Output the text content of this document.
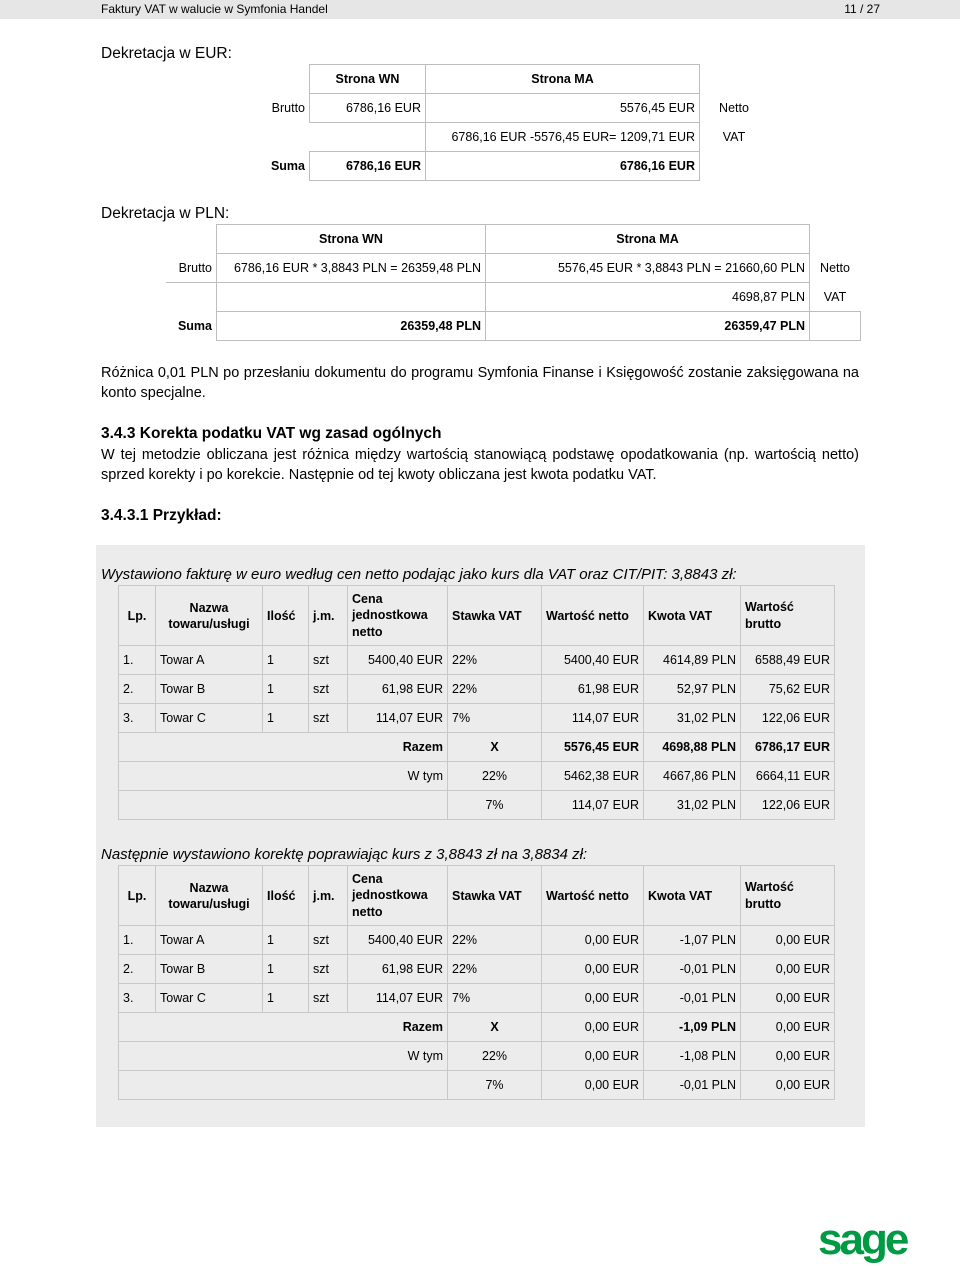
Faktury VAT w walucie w Symfonia Handel	11 / 27
Dekretacja w EUR:
	Strona WN	Strona MA	
Brutto	6786,16 EUR	5576,45 EUR	Netto
		6786,16 EUR -5576,45 EUR= 1209,71 EUR	VAT
Suma	6786,16 EUR	6786,16 EUR	
Dekretacja w PLN:
	Strona WN	Strona MA	
Brutto	6786,16 EUR * 3,8843 PLN = 26359,48 PLN	5576,45 EUR * 3,8843 PLN = 21660,60 PLN	Netto
		4698,87 PLN	VAT
Suma	26359,48 PLN	26359,47 PLN	

Różnica 0,01 PLN po przesłaniu dokumentu do programu Symfonia Finanse i Księgowość zostanie zaksięgowana na konto specjalne.

3.4.3 Korekta podatku VAT wg zasad ogólnych

W tej metodzie obliczana jest różnica między wartością stanowiącą podstawę opodatkowania (np. wartością netto) sprzed korekty i po korekcie. Następnie od tej kwoty obliczana jest kwota podatku VAT.

3.4.3.1 Przykład:
Wystawiono fakturę w euro według cen netto podając jako kurs dla VAT oraz CIT/PIT: 3,8843 zł:
Lp.	Nazwa
towaru/usługi	Ilość	j.m.	Cena
jednostkowa
netto	Stawka VAT	Wartość netto	Kwota VAT	Wartość
brutto
1.	Towar A	1	szt	5400,40 EUR	22%	5400,40 EUR	4614,89 PLN	6588,49 EUR
2.	Towar B	1	szt	61,98 EUR	22%	61,98 EUR	52,97 PLN	75,62 EUR
3.	Towar C	1	szt	114,07 EUR	7%	114,07 EUR	31,02 PLN	122,06 EUR
Razem					X	5576,45 EUR	4698,88 PLN	6786,17 EUR
W tym					22%	5462,38 EUR	4667,86 PLN	6664,11 EUR
					7%	114,07 EUR	31,02 PLN	122,06 EUR
Następnie wystawiono korektę poprawiając kurs z 3,8843 zł na 3,8834 zł:
Lp.	Nazwa
towaru/usługi	Ilość	j.m.	Cena
jednostkowa
netto	Stawka VAT	Wartość netto	Kwota VAT	Wartość
brutto
1.	Towar A	1	szt	5400,40 EUR	22%	0,00 EUR	-1,07 PLN	0,00 EUR
2.	Towar B	1	szt	61,98 EUR	22%	0,00 EUR	-0,01 PLN	0,00 EUR
3.	Towar C	1	szt	114,07 EUR	7%	0,00 EUR	-0,01 PLN	0,00 EUR
Razem					X	0,00 EUR	-1,09 PLN	0,00 EUR
W tym					22%	0,00 EUR	-1,08 PLN	0,00 EUR
					7%	0,00 EUR	-0,01 PLN	0,00 EUR
sage
